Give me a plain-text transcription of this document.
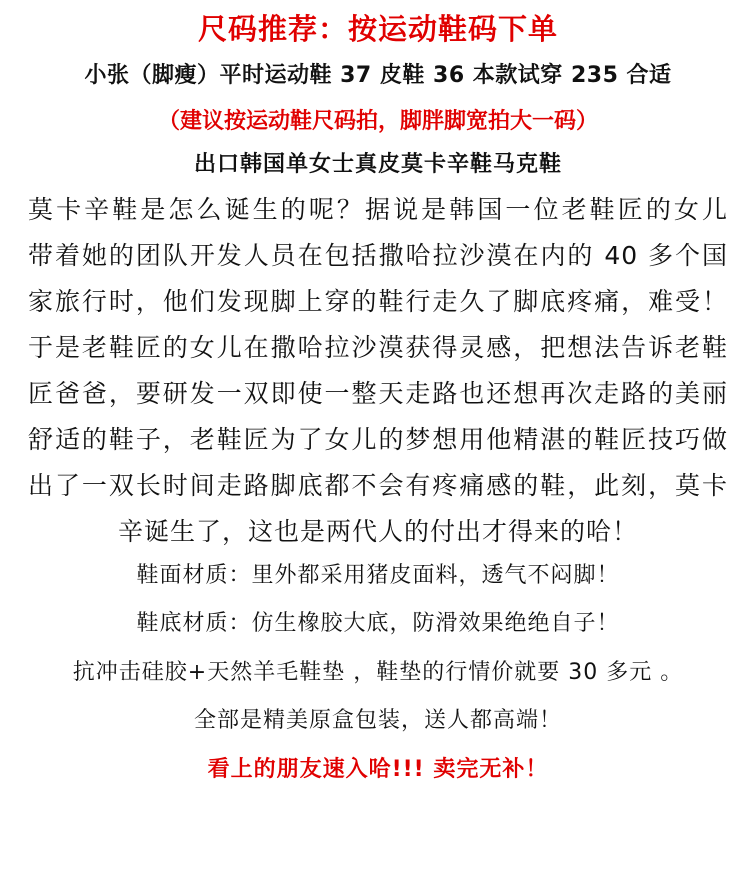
尺码推荐：按运动鞋码下单

小张（脚瘦）平时运动鞋 37 皮鞋 36 本款试穿 235 合适

（建议按运动鞋尺码拍，脚胖脚宽拍大一码）

出口韩国单女士真皮莫卡辛鞋马克鞋

莫卡辛鞋是怎么诞生的呢？据说是韩国一位老鞋匠的女儿

带着她的团队开发人员在包括撒哈拉沙漠在内的 40 多个国

家旅行时，他们发现脚上穿的鞋行走久了脚底疼痛，难受！

于是老鞋匠的女儿在撒哈拉沙漠获得灵感，把想法告诉老鞋

匠爸爸，要研发一双即使一整天走路也还想再次走路的美丽

舒适的鞋子，老鞋匠为了女儿的梦想用他精湛的鞋匠技巧做

出了一双长时间走路脚底都不会有疼痛感的鞋，此刻，莫卡

辛诞生了，这也是两代人的付出才得来的哈！

鞋面材质：里外都采用猪皮面料，透气不闷脚！

鞋底材质：仿生橡胶大底，防滑效果绝绝自子！

抗冲击硅胶+天然羊毛鞋垫 ，鞋垫的行情价就要 30 多元 。

全部是精美原盒包装，送人都高端！

看上的朋友速入哈!!! 卖完无补！
